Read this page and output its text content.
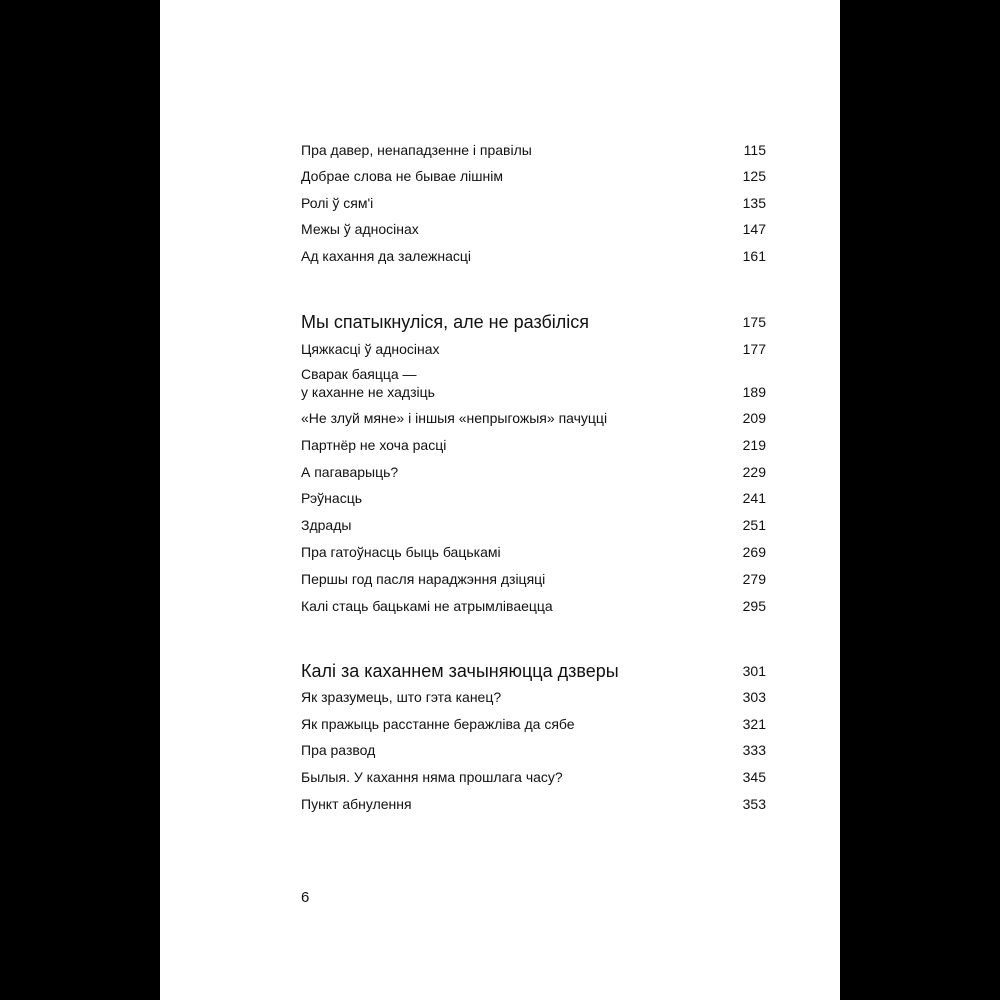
Пра давер, ненападзенне і правілы	115
Добрае слова не бывае лішнім	125
Ролі ў сям'і	135
Межы ў адносінах	147
Ад кахання да залежнасці	161
Мы спатыкнуліся, але не разбіліся	175
Цяжкасці ў адносінах	177
Сварак баяцца —
у каханне не хадзіць	189
«Не злуй мяне» і іншыя «непрыгожыя» пачуцці	209
Партнёр не хоча расці	219
А пагаварыць?	229
Рэўнасць	241
Здрады	251
Пра гатоўнасць быць бацькамі	269
Першы год пасля нараджэння дзіцяці	279
Калі стаць бацькамі не атрымліваецца	295
Калі за каханнем зачыняюцца дзверы	301
Як зразумець, што гэта канец?	303
Як пражыць расстанне беражліва да сябе	321
Пра развод	333
Былыя. У кахання няма прошлага часу?	345
Пункт абнулення	353
6
